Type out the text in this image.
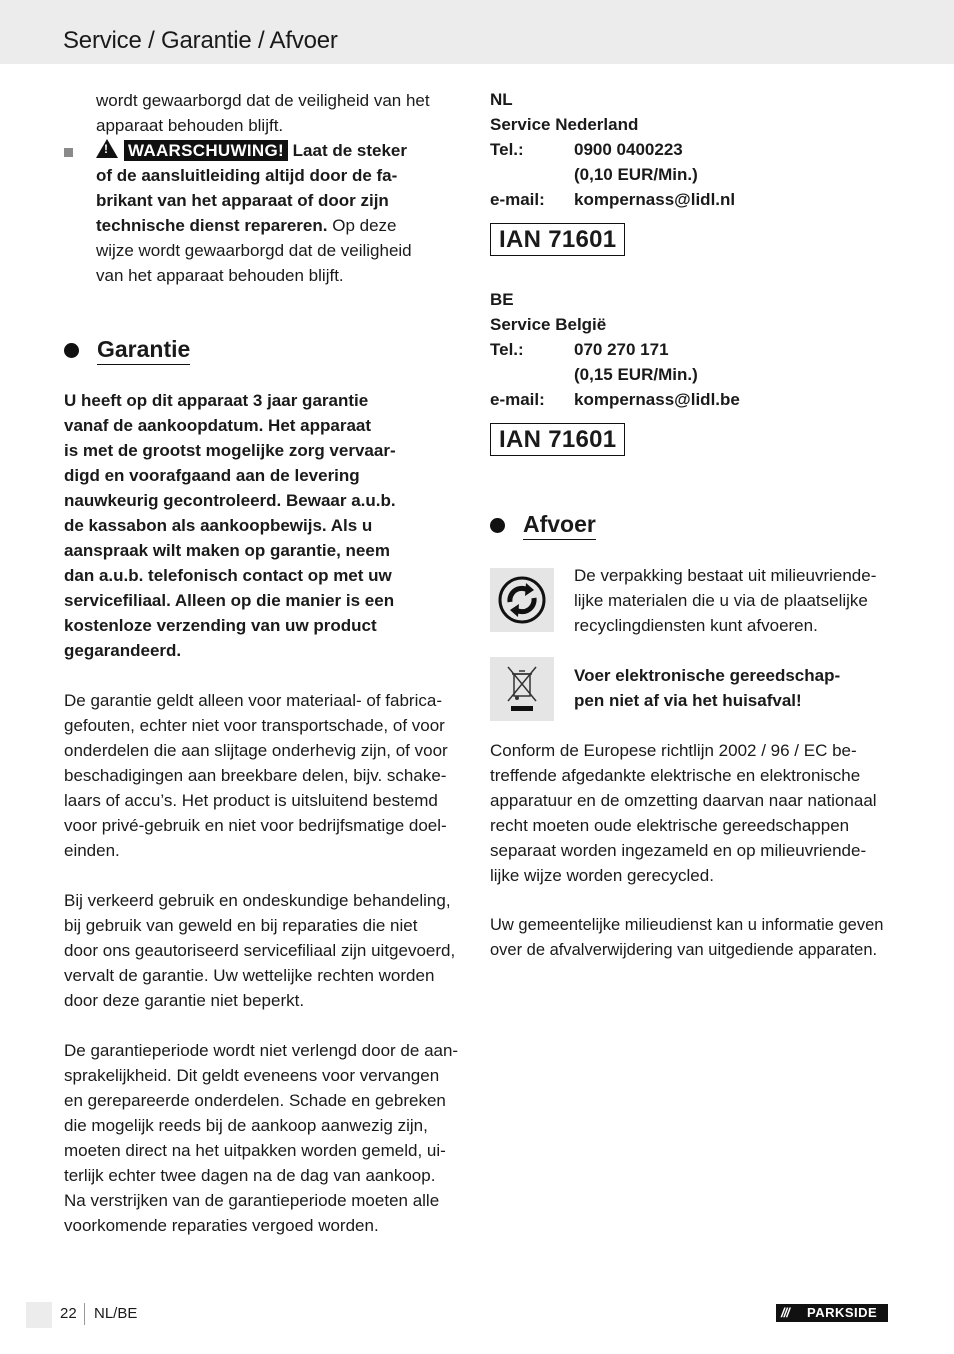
Service / Garantie / Afvoer

wordt gewaarborgd dat de veiligheid van het apparaat behouden blijft.

! WAARSCHUWING! Laat de steker
of de aansluitleiding altijd door de fa-
brikant van het apparaat of door zijn
technische dienst repareren. Op deze
wijze wordt gewaarborgd dat de veiligheid
van het apparaat behouden blijft.
Garantie
U heeft op dit apparaat 3 jaar garantie
vanaf de aankoopdatum. Het apparaat
is met de grootst mogelijke zorg vervaar-
digd en voorafgaand aan de levering
nauwkeurig gecontroleerd. Bewaar a.u.b.
de kassabon als aankoopbewijs. Als u
aanspraak wilt maken op garantie, neem
dan a.u.b. telefonisch contact op met uw
servicefiliaal. Alleen op die manier is een
kostenloze verzending van uw product
gegarandeerd.
De garantie geldt alleen voor materiaal- of fabrica-
gefouten, echter niet voor transportschade, of voor
onderdelen die aan slijtage onderhevig zijn, of voor
beschadigingen aan breekbare delen, bijv. schake-
laars of accu’s. Het product is uitsluitend bestemd
voor privé-gebruik en niet voor bedrijfsmatige doel-
einden.
Bij verkeerd gebruik en ondeskundige behandeling,
bij gebruik van geweld en bij reparaties die niet
door ons geautoriseerd servicefiliaal zijn uitgevoerd,
vervalt de garantie. Uw wettelijke rechten worden
door deze garantie niet beperkt.
De garantieperiode wordt niet verlengd door de aan-
sprakelijkheid. Dit geldt eveneens voor vervangen
en gerepareerde onderdelen. Schade en gebreken
die mogelijk reeds bij de aankoop aanwezig zijn,
moeten direct na het uitpakken worden gemeld, ui-
terlijk echter twee dagen na de dag van aankoop.
Na verstrijken van de garantieperiode moeten alle
voorkomende reparaties vergoed worden.
NL
Service Nederland
Tel.:	0900 0400223
(0,10 EUR/Min.)
e-mail:	kompernass@lidl.nl
IAN 71601
BE
Service België
Tel.:	070 270 171
(0,15 EUR/Min.)
e-mail:	kompernass@lidl.be
IAN 71601
Afvoer
De verpakking bestaat uit milieuvriende-
lijke materialen die u via de plaatselijke
recyclingdiensten kunt afvoeren.
Voer elektronische gereedschap-
pen niet af via het huisafval!
Conform de Europese richtlijn 2002 / 96 / EC be-
treffende afgedankte elektrische en elektronische
apparatuur en de omzetting daarvan naar nationaal
recht moeten oude elektrische gereedschappen
separaat worden ingezameld en op milieuvriende-
lijke wijze worden gerecycled.
Uw gemeentelijke milieudienst kan u informatie geven
over de afvalverwijdering van uitgediende apparaten.
22 NL/BE	/// PARKSIDE
